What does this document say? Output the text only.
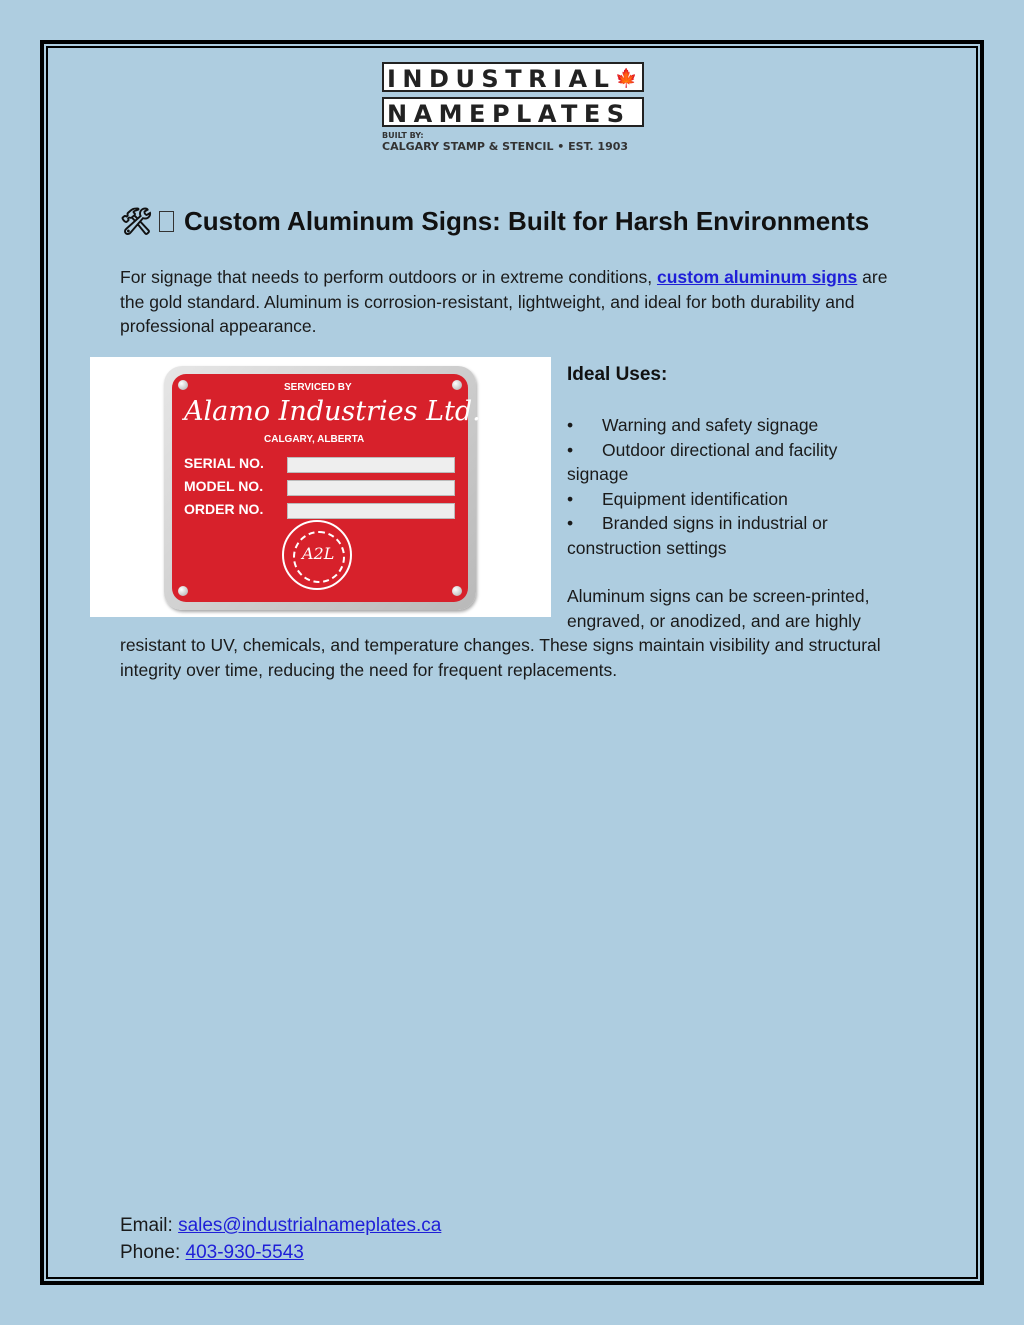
INDUSTRIAL🍁
NAMEPLATES
BUILT BY:
CALGARY STAMP & STENCIL • EST. 1903
🛠 Custom Aluminum Signs: Built for Harsh Environments
For signage that needs to perform outdoors or in extreme conditions, custom aluminum signs are the gold standard. Aluminum is corrosion-resistant, lightweight, and ideal for both durability and professional appearance.
SERVICED BY
Alamo Industries Ltd.
CALGARY, ALBERTA
SERIAL NO.
MODEL NO.
ORDER NO.
A2L
Ideal Uses:
• Warning and safety signage
• Outdoor directional and facility signage
• Equipment identification
• Branded signs in industrial or construction settings
Aluminum signs can be screen-printed, engraved, or anodized, and are highly
resistant to UV, chemicals, and temperature changes. These signs maintain visibility and structural integrity over time, reducing the need for frequent replacements.
Email: sales@industrialnameplates.ca
Phone: 403-930-5543
